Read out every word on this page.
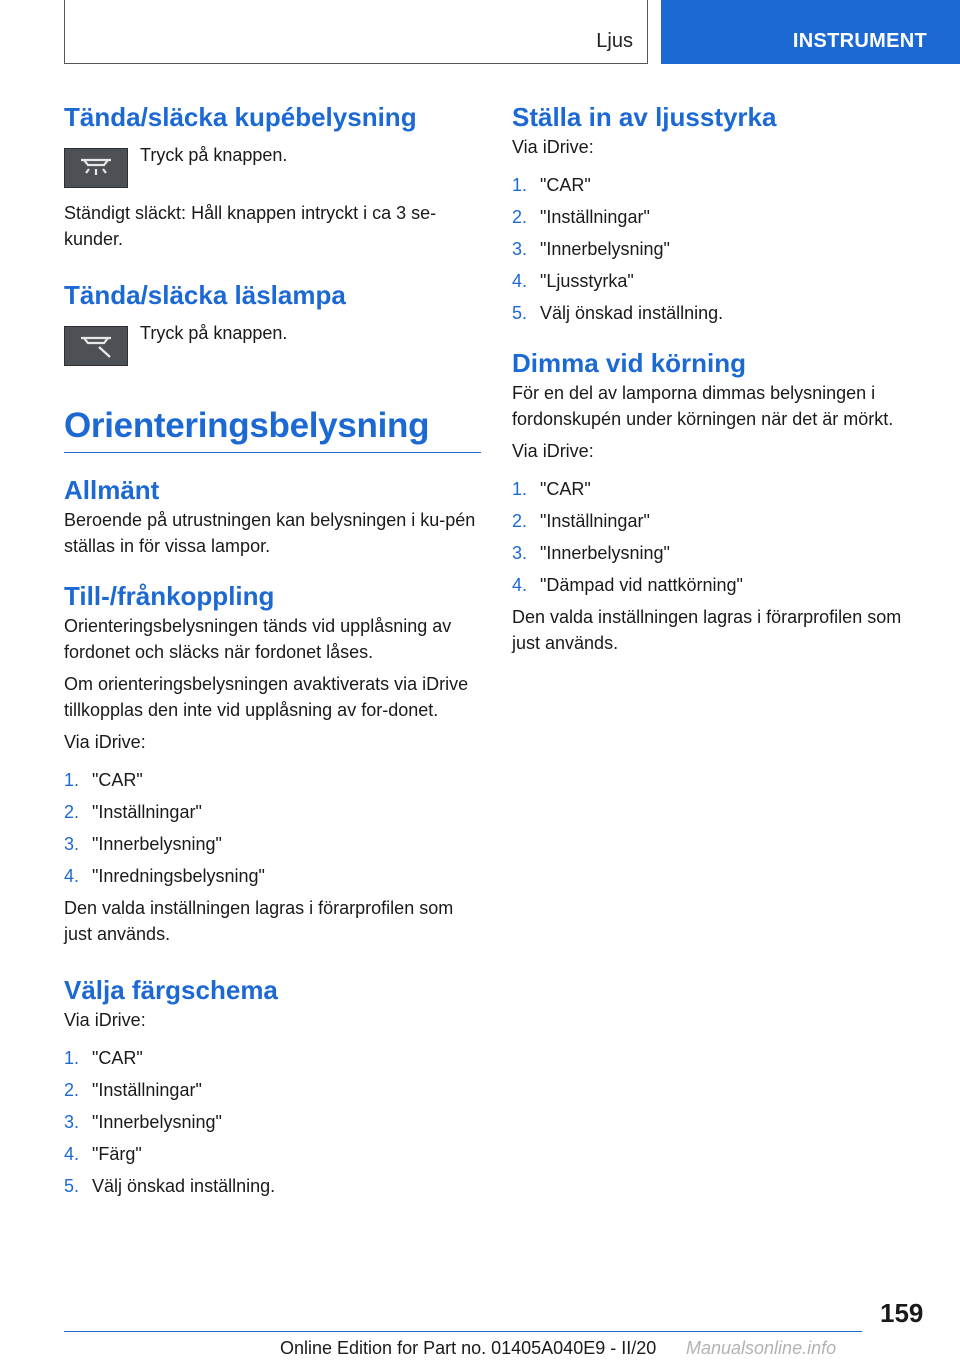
Ljus	INSTRUMENT
Tända/släcka kupébelysning

Tryck på knappen.

Ständigt släckt: Håll knappen intryckt i ca 3 se-kunder.

Tända/släcka läslampa

Tryck på knappen.

Orienteringsbelysning
Allmänt

Beroende på utrustningen kan belysningen i ku-pén ställas in för vissa lampor.

Till-/frånkoppling

Orienteringsbelysningen tänds vid upplåsning av fordonet och släcks när fordonet låses.

Om orienteringsbelysningen avaktiverats via iDrive tillkopplas den inte vid upplåsning av for-donet.

Via iDrive:

1. "CAR"
2. "Inställningar"
3. "Innerbelysning"
4. "Inredningsbelysning"

Den valda inställningen lagras i förarprofilen som just används.

Välja färgschema

Via iDrive:

1. "CAR"
2. "Inställningar"
3. "Innerbelysning"
4. "Färg"
5. Välj önskad inställning.
Ställa in av ljusstyrka

Via iDrive:

1. "CAR"
2. "Inställningar"
3. "Innerbelysning"
4. "Ljusstyrka"
5. Välj önskad inställning.
Dimma vid körning

För en del av lamporna dimmas belysningen i fordonskupén under körningen när det är mörkt.

Via iDrive:

1. "CAR"
2. "Inställningar"
3. "Innerbelysning"
4. "Dämpad vid nattkörning"

Den valda inställningen lagras i förarprofilen som just används.

159
Online Edition for Part no. 01405A040E9 - II/20 Manualsonline.info
